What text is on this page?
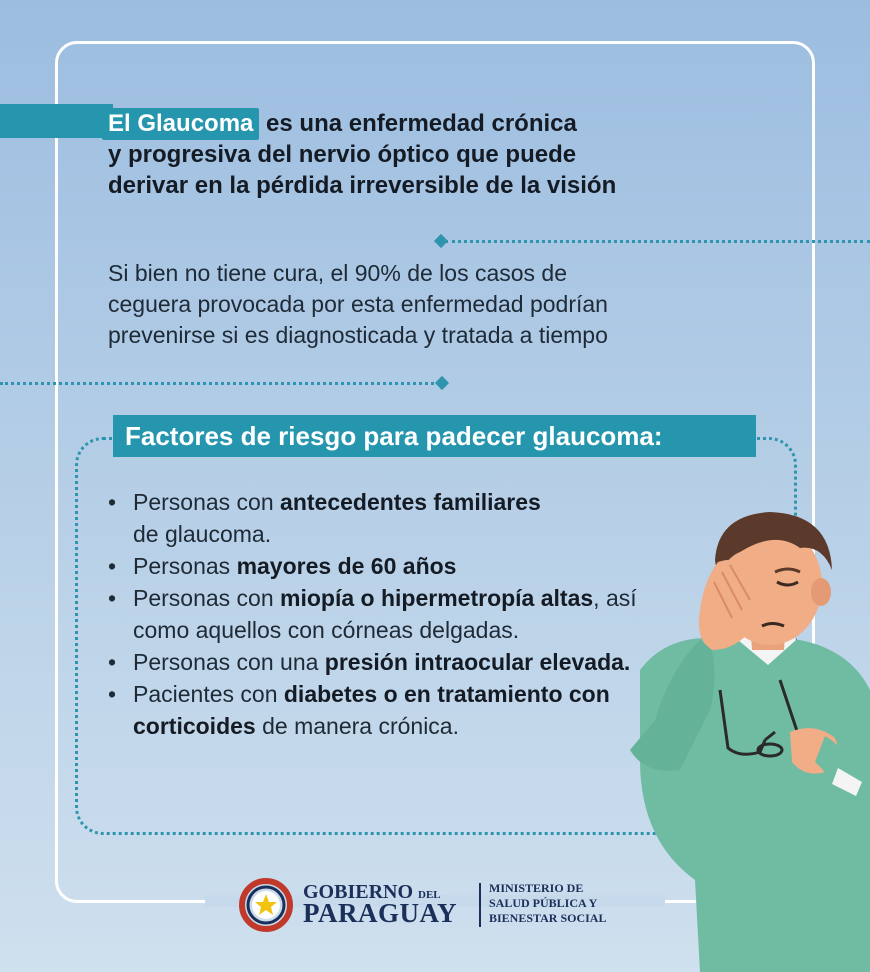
El Glaucoma es una enfermedad crónica
y progresiva del nervio óptico que puede
derivar en la pérdida irreversible de la visión
Si bien no tiene cura, el 90% de los casos de
ceguera provocada por esta enfermedad podrían
prevenirse si es diagnosticada y tratada a tiempo
Factores de riesgo para padecer glaucoma:
• Personas con antecedentes familiares
de glaucoma.
• Personas mayores de 60 años
• Personas con miopía o hipermetropía altas, así como aquellos con córneas delgadas.
• Personas con una presión intraocular elevada.
• Pacientes con diabetes o en tratamiento con corticoides de manera crónica.
GOBIERNO DEL
PARAGUAY
MINISTERIO DE
SALUD PÚBLICA Y
BIENESTAR SOCIAL
